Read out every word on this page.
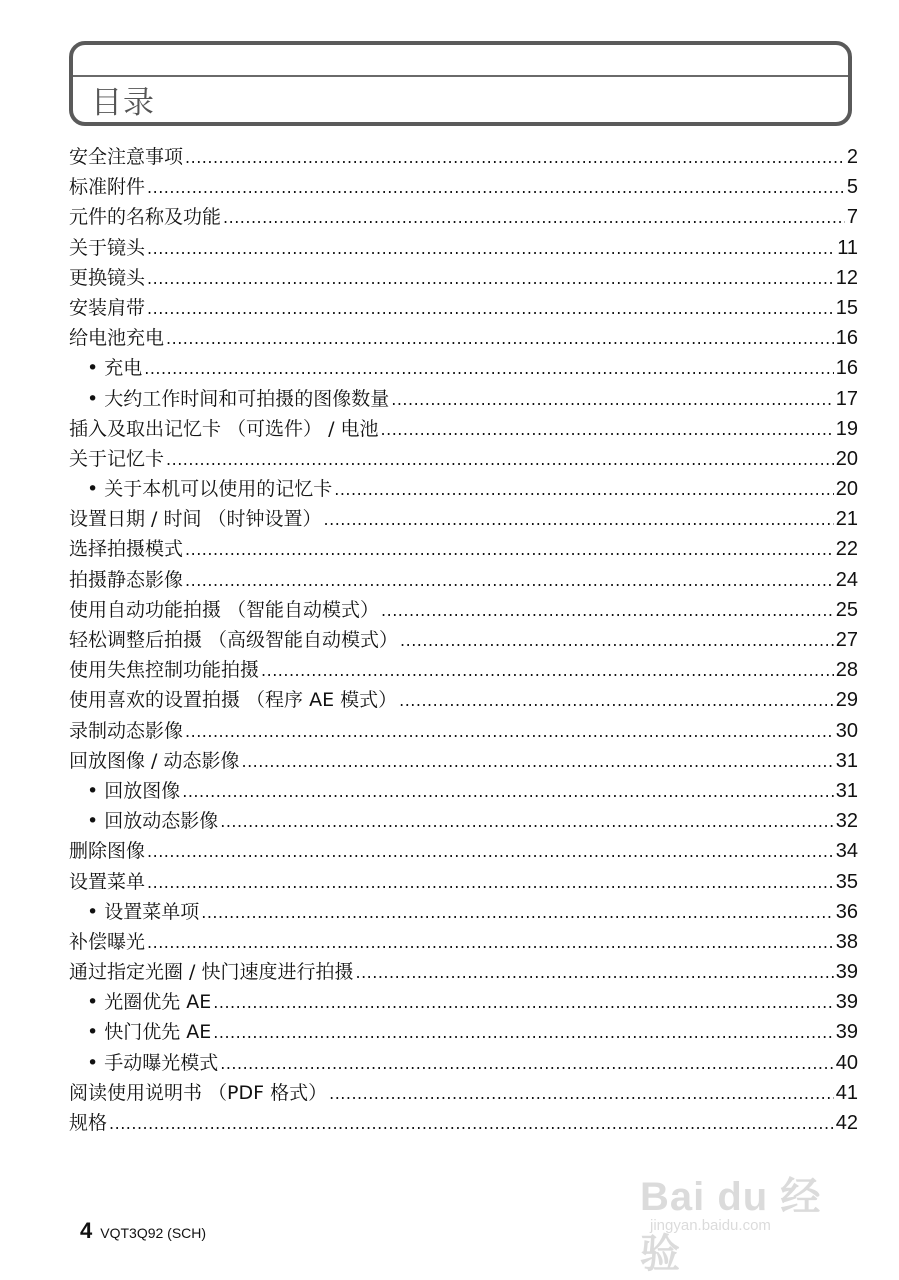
目录
安全注意事项 .....	2
标准附件 .....	5
元件的名称及功能 .....	7
关于镜头 .....	11
更换镜头 .....	12
安装肩带 .....	15
给电池充电 .....	16
• 充电 .....	16
• 大约工作时间和可拍摄的图像数量 .....	17
插入及取出记忆卡 （可选件） / 电池 .....	19
关于记忆卡 .....	20
• 关于本机可以使用的记忆卡 .....	20
设置日期 / 时间 （时钟设置） .....	21
选择拍摄模式 .....	22
拍摄静态影像 .....	24
使用自动功能拍摄 （智能自动模式） .....	25
轻松调整后拍摄 （高级智能自动模式） .....	27
使用失焦控制功能拍摄 .....	28
使用喜欢的设置拍摄 （程序 AE 模式） .....	29
录制动态影像 .....	30
回放图像 / 动态影像 .....	31
• 回放图像 .....	31
• 回放动态影像 .....	32
删除图像 .....	34
设置菜单 .....	35
• 设置菜单项 .....	36
补偿曝光 .....	38
通过指定光圈 / 快门速度进行拍摄 .....	39
• 光圈优先 AE .....	39
• 快门优先 AE .....	39
• 手动曝光模式 .....	40
阅读使用说明书 （PDF 格式） .....	41
规格 .....	42
4 VQT3Q92 (SCH)
Bai du 经验
jingyan.baidu.com
